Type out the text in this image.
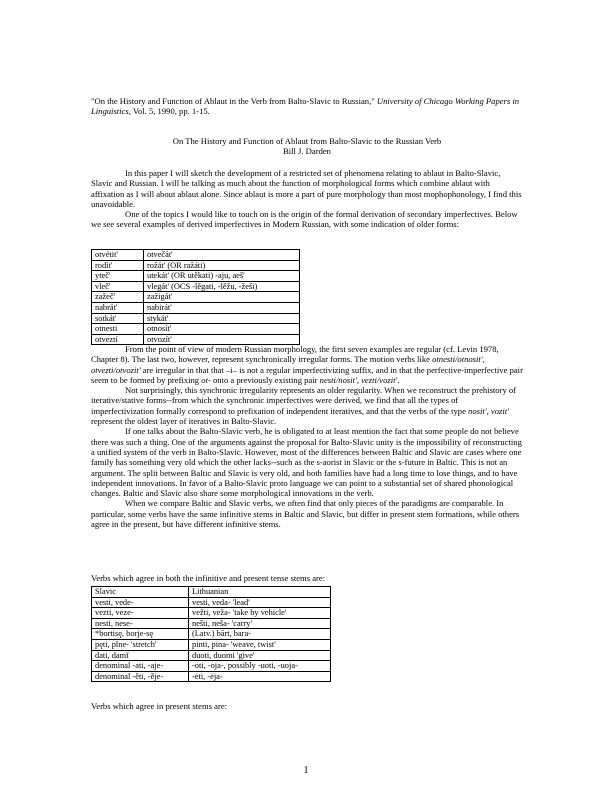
"On the History and Function of Ablaut in the Verb from Balto-Slavic to Russian," University of Chicago Working Papers in Linguistics, Vol. 5, 1990, pp. 1-15.
On The History and Function of Ablaut from Balto-Slavic to the Russian Verb
Bill J. Darden

In this paper I will sketch the development of a restricted set of phenomena relating to ablaut in Balto-Slavic, Slavic and Russian. I will be talking as much about the function of morphological forms which combine ablaut with affixation as I will about ablaut alone. Since ablaut is more a part of pure morphology than most mophophonology, I find this unavoidable.

One of the topics I would like to touch on is the origin of the formal derivation of secondary imperfectives. Below we see several examples of derived imperfectives in Modern Russian, with some indication of older forms:

otvétit'	otvečát'
rodít'	rožát' (OR ražáti)
yteč'	utekát' (OR utěkati) -aju, aeš'
vleč'	vlegát' (OCS -lěgati, -lěžu, -žeši)
zažeč'	zažigát'
nabrát'	nabirát'
sotkát'	stykát'
otnesti	otnosít'
otveztí	otvozít'

From the point of view of modern Russian morphology, the first seven examples are regular (cf. Levin 1978, Chapter 8). The last two, however, represent synchronically irregular forms. The motion verbs like otnesti/otnosit', otvezti/otvozit' are irregular in that that –i– is not a regular imperfectivizing suffix, and in that the perfective-imperfective pair seem to be formed by prefixing ot- onto a previously existing pair nesti/nosit', vezti/vozit'.

Not surprisingly, this synchronic irregularity represents an older regularity. When we reconstruct the prehistory of iterative/stative forms--from which the synchronic imperfectives were derived, we find that all the types of imperfectivization formally correspond to prefixation of independent iteratives, and that the verbs of the type nosit', vozit' represent the oldest layer of iteratives in Balto-Slavic.

If one talks about the Balto-Slavic verb, he is obligated to at least mention the fact that some people do not believe there was such a thing. One of the arguments against the proposal for Balto-Slavic unity is the impossibility of reconstructing a unified system of the verb in Balto-Slavic. However, most of the differences between Baltic and Slavic are cases where one family has something very old which the other lacks--such as the s-aorist in Slavic or the s-future in Baltic. This is not an argument. The split between Baltic and Slavic is very old, and both families have had a long time to lose things, and to have independent innovations. In favor of a Balto-Slavic proto language we can point to a substantial set of shared phonological changes. Baltic and Slavic also share some morphological innovations in the verb.

When we compare Baltic and Slavic verbs, we often find that only pieces of the paradigms are comparable. In particular, some verbs have the same infinitive stems in Baltic and Slavic, but differ in present stem formations, while others agree in the present, but have different infinitive stems.

Verbs which agree in both the infinitive and present tense stems are:
Slavic	Lithuanian
vesti, vede-	vesti, veda- 'lead'
vezti, veze-	vežti, veža- 'take by vehicle'
nesti, nese-	nešti, neša- 'carry'
*bortisę, borje-sę	(Latv.) bārt, bara-
pęti, pĭne- 'stretch'	pinti, pina- 'weave, twist'
dati, damĭ	duoti, duomi 'give'
denominal -ati, -aje-	-oti, -oja-, possibly -uoti, -uoja-
denominal -ěti, -ěje-	-ėti, -ėja-
Verbs which agree in present stems are:
1
